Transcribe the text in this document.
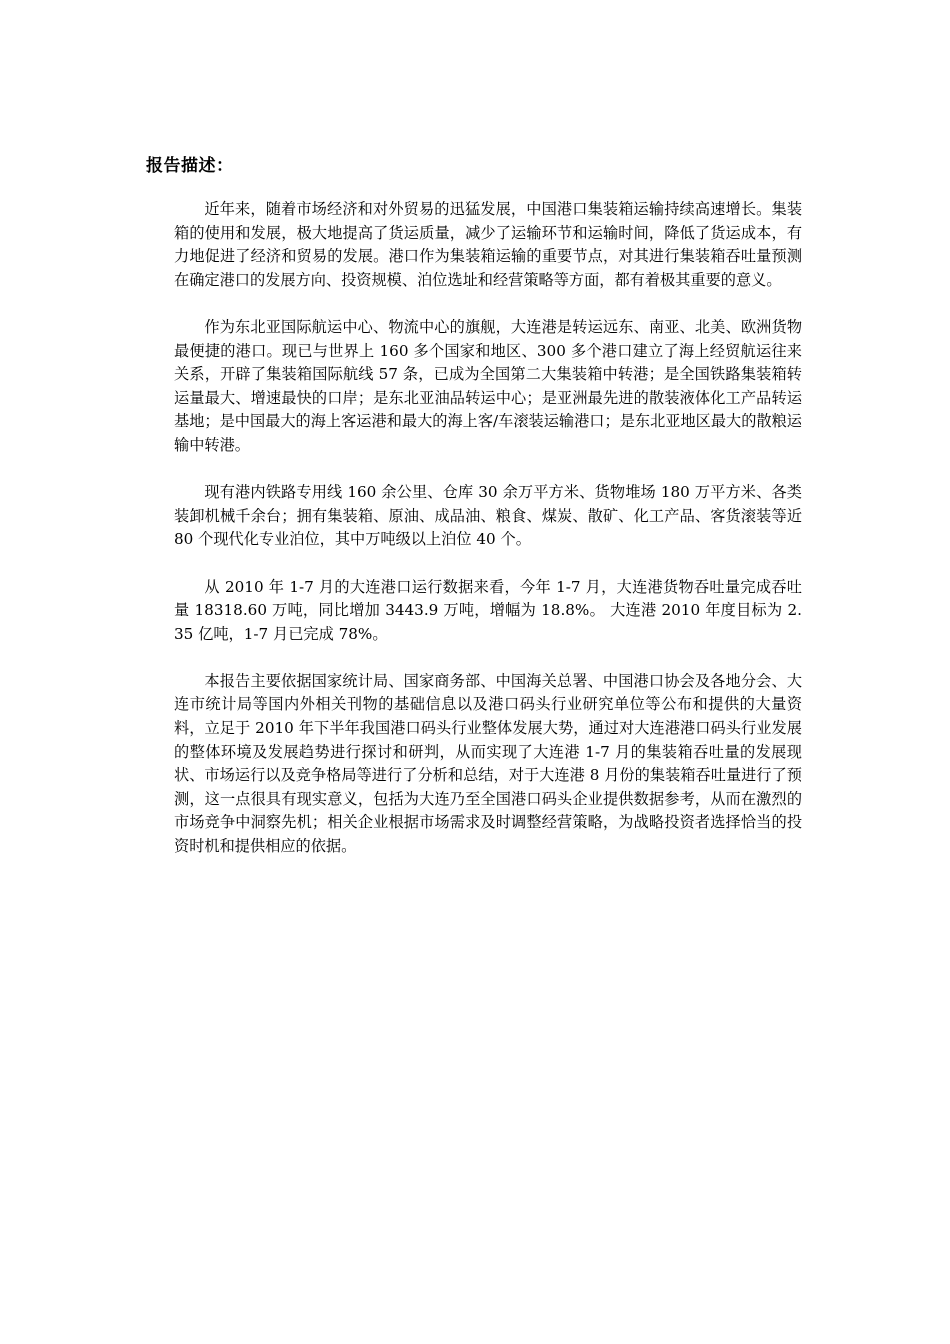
报告描述：

近年来，随着市场经济和对外贸易的迅猛发展，中国港口集装箱运输持续高速增长。集装箱的使用和发展，极大地提高了货运质量，减少了运输环节和运输时间，降低了货运成本，有力地促进了经济和贸易的发展。港口作为集装箱运输的重要节点，对其进行集装箱吞吐量预测在确定港口的发展方向、投资规模、泊位选址和经营策略等方面，都有着极其重要的意义。

作为东北亚国际航运中心、物流中心的旗舰，大连港是转运远东、南亚、北美、欧洲货物最便捷的港口。现已与世界上 160 多个国家和地区、300 多个港口建立了海上经贸航运往来关系，开辟了集装箱国际航线 57 条，已成为全国第二大集装箱中转港；是全国铁路集装箱转运量最大、增速最快的口岸；是东北亚油品转运中心；是亚洲最先进的散装液体化工产品转运基地；是中国最大的海上客运港和最大的海上客/车滚装运输港口；是东北亚地区最大的散粮运输中转港。

现有港内铁路专用线 160 余公里、仓库 30 余万平方米、货物堆场 180 万平方米、各类装卸机械千余台；拥有集装箱、原油、成品油、粮食、煤炭、散矿、化工产品、客货滚装等近 80 个现代化专业泊位，其中万吨级以上泊位 40 个。

从 2010 年 1-7 月的大连港口运行数据来看，今年 1-7 月，大连港货物吞吐量完成吞吐量 18318.60 万吨，同比增加 3443.9 万吨，增幅为 18.8%。 大连港 2010 年度目标为 2.35 亿吨，1-7 月已完成 78%。

本报告主要依据国家统计局、国家商务部、中国海关总署、中国港口协会及各地分会、大连市统计局等国内外相关刊物的基础信息以及港口码头行业研究单位等公布和提供的大量资料，立足于 2010 年下半年我国港口码头行业整体发展大势，通过对大连港港口码头行业发展的整体环境及发展趋势进行探讨和研判，从而实现了大连港 1-7 月的集装箱吞吐量的发展现状、市场运行以及竞争格局等进行了分析和总结，对于大连港 8 月份的集装箱吞吐量进行了预测，这一点很具有现实意义，包括为大连乃至全国港口码头企业提供数据参考，从而在激烈的市场竞争中洞察先机；相关企业根据市场需求及时调整经营策略，为战略投资者选择恰当的投资时机和提供相应的依据。
